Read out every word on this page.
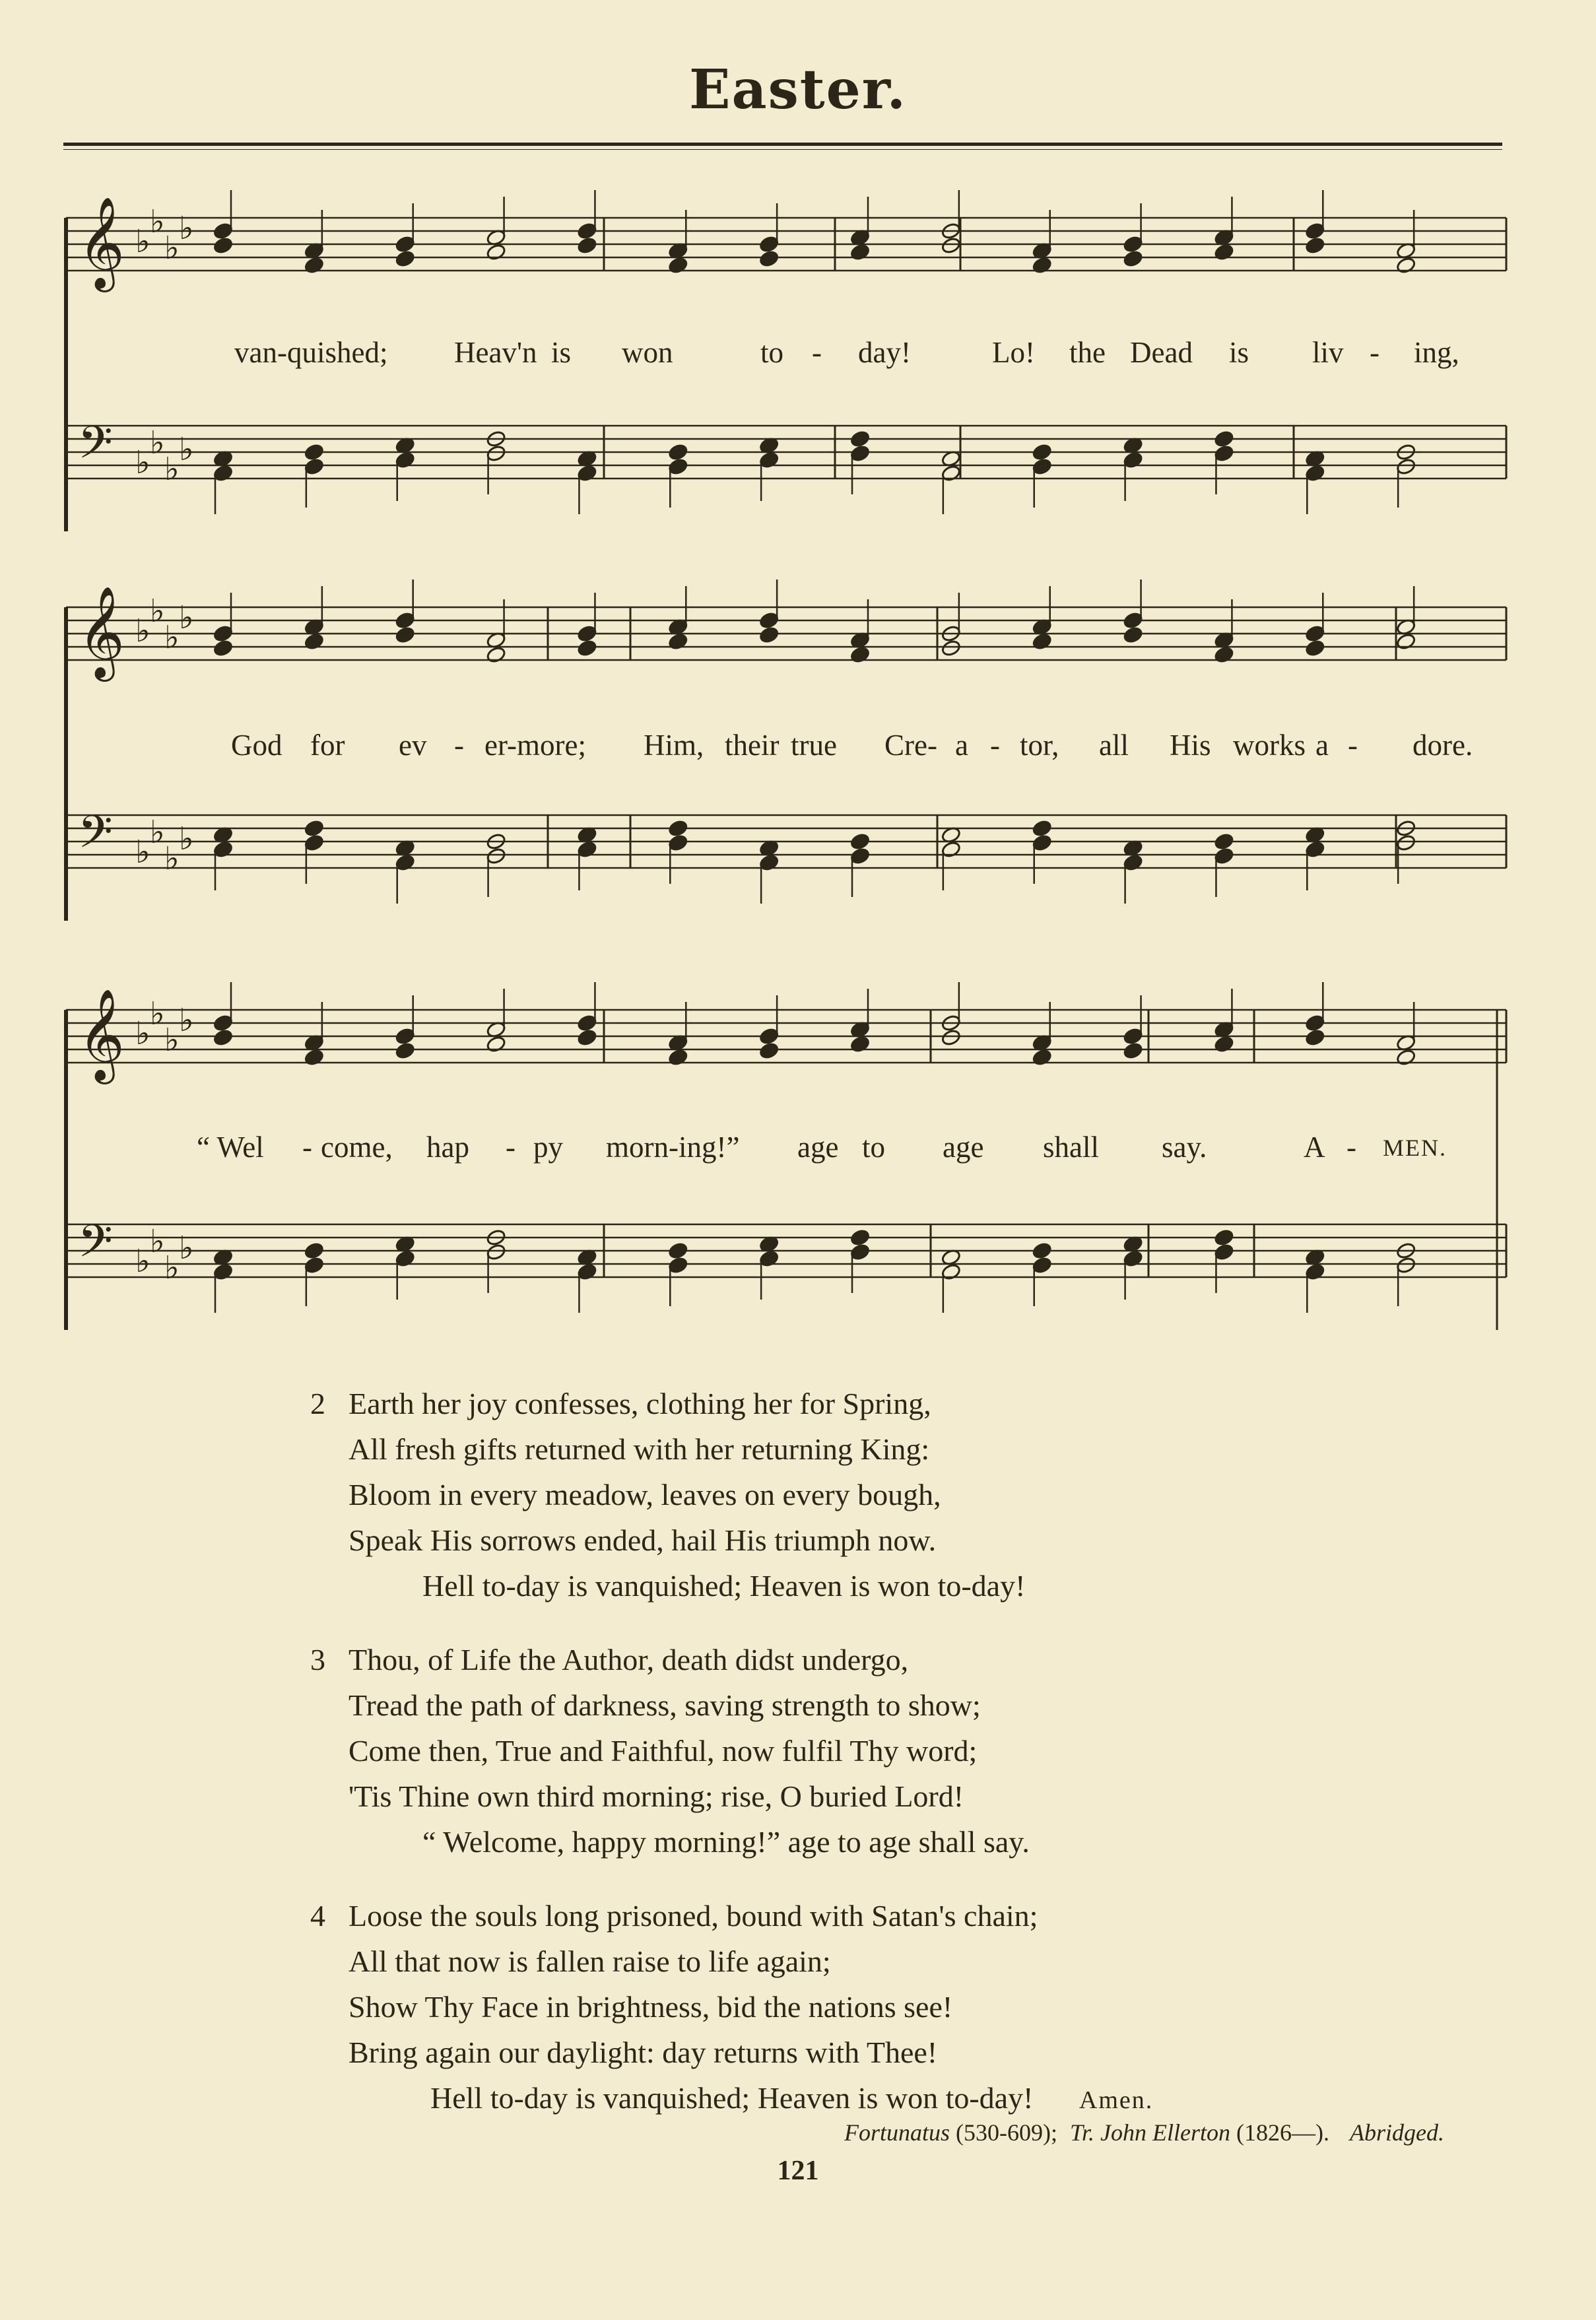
Easter.
𝄞 ♭
♭
♭
♭
𝄢 ♭
♭
♭
♭
𝄞 ♭
♭
♭
♭
𝄢 ♭
♭
♭
♭
𝄞 ♭
♭
♭
♭
𝄢 ♭
♭
♭
♭
van-quished; Heav'n is won	to - day!	Lo! the Dead is liv - ing,
God for ev - er-more; Him, their true Cre- a - tor, all His works a - dore.
“ Wel - come, hap - py morn-ing!” age to age shall say.	A - MEN.
2 Earth her joy confesses, clothing her for Spring,
All fresh gifts returned with her returning King:
Bloom in every meadow, leaves on every bough,
Speak His sorrows ended, hail His triumph now.
Hell to-day is vanquished; Heaven is won to-day!
3 Thou, of Life the Author, death didst undergo,
Tread the path of darkness, saving strength to show;
Come then, True and Faithful, now fulfil Thy word;
'Tis Thine own third morning; rise, O buried Lord!
“ Welcome, happy morning!” age to age shall say.
4 Loose the souls long prisoned, bound with Satan's chain;
All that now is fallen raise to life again;
Show Thy Face in brightness, bid the nations see!
Bring again our daylight: day returns with Thee!
Hell to-day is vanquished; Heaven is won to-day! Amen.
Fortunatus (530-609); Tr. John Ellerton (1826—). Abridged.
121
